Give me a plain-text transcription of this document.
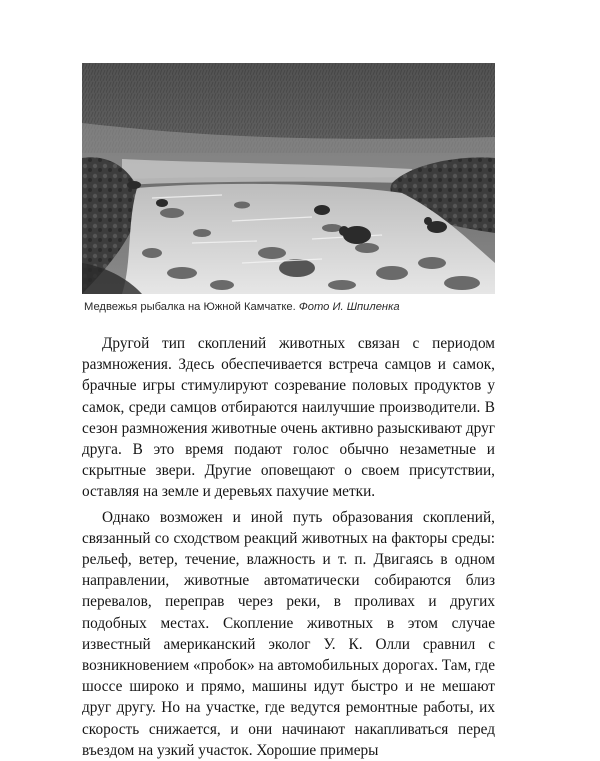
Медвежья рыбалка на Южной Камчатке. Фото И. Шпиленка

Другой тип скоплений животных связан с периодом размножения. Здесь обеспечивается встреча самцов и самок, брачные игры стимулируют созревание половых продуктов у самок, среди самцов отбираются наилучшие производители. В сезон размножения животные очень активно разыскивают друг друга. В это время подают голос обычно незаметные и скрытные звери. Другие оповещают о своем присутствии, оставляя на земле и деревьях пахучие метки.

Однако возможен и иной путь образования скоплений, связанный со сходством реакций животных на факторы среды: рельеф, ветер, течение, влажность и т. п. Двигаясь в одном направлении, животные автоматически собираются близ перевалов, переправ через реки, в проливах и других подобных местах. Скопление животных в этом случае известный американский эколог У. К. Олли сравнил с возникновением «пробок» на автомобильных дорогах. Там, где шоссе широко и прямо, машины идут быстро и не мешают друг другу. Но на участке, где ведутся ремонтные работы, их скорость снижается, и они начинают накапливаться перед въездом на узкий участок. Хорошие примеры
